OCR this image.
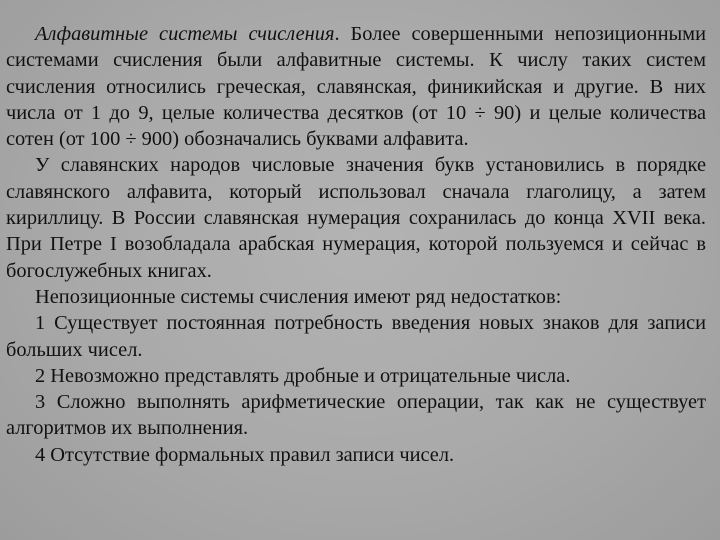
Алфавитные системы счисления. Более совершенными непозиционными системами счисления были алфавитные системы. К числу таких систем счисления относились греческая, славянская, финикийская и другие. В них числа от 1 до 9, целые количества десятков (от 10 ÷ 90) и целые количества сотен (от 100 ÷ 900) обозначались буквами алфавита.

У славянских народов числовые значения букв установились в порядке славянского алфавита, который использовал сначала глаголицу, а затем кириллицу. В России славянская нумерация сохранилась до конца XVII века. При Петре I возобладала арабская нумерация, которой пользуемся и сейчас в богослужебных книгах.

Непозиционные системы счисления имеют ряд недостатков:

1 Существует постоянная потребность введения новых знаков для записи больших чисел.

2 Невозможно представлять дробные и отрицательные числа.

3 Сложно выполнять арифметические операции, так как не существует алгоритмов их выполнения.

4 Отсутствие формальных правил записи чисел.
